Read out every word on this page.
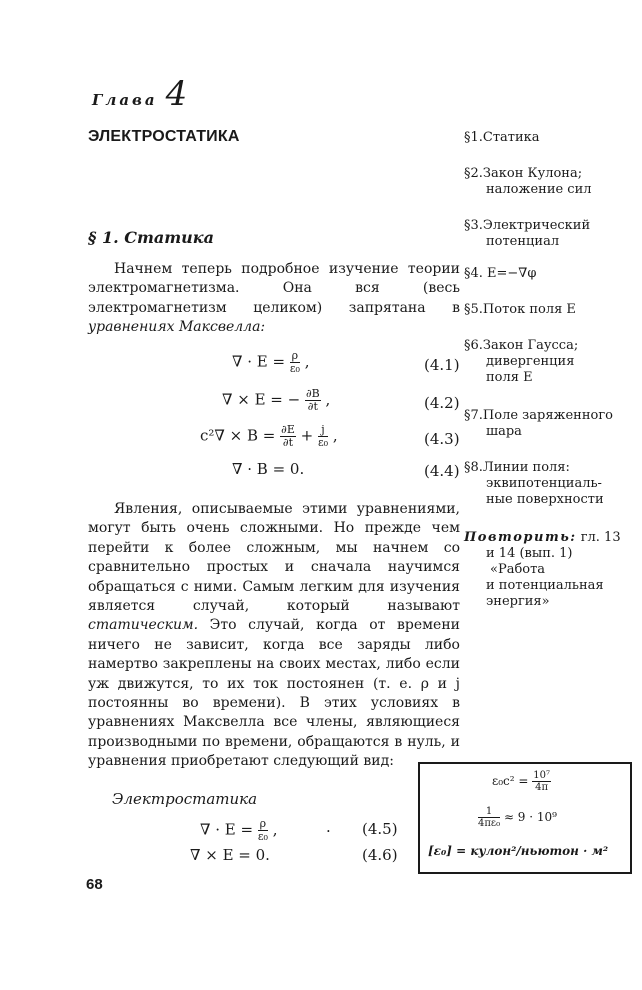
Глава 4
ЭЛЕКТРОСТАТИКА
§ 1. Статика
Начнем теперь подробное изучение теории электромагнетизма. Она вся (весь электромагнетизм целиком) запрятана в уравнениях Максвелла:
∇ · $E = \frac{\rho}{\text{ε₀}}$ ,	(4.1)
∇ × E = − $\frac{\partial B}{\partial t}$ ,	(4.2)
$c^2\nabla \times B = \frac{\partial E}{\partial t} + \frac{j}{\text{ε₀}}$ ,	(4.3)
∇ · B = 0.	(4.4)
Явления, описываемые этими уравнениями, могут быть очень сложными. Но прежде чем перейти к более сложным, мы начнем со сравнительно простых и сначала научимся обращаться с ними. Самым легким для изучения является случай, который называют статическим. Это случай, когда от времени ничего не зависит, когда все заряды либо намертво закреплены на своих местах, либо если уж движутся, то их ток постоянен (т. е. ρ и j постоянны во времени). В этих условиях в уравнениях Максвелла все члены, являющиеся производными по времени, обращаются в нуль, и уравнения приобретают следующий вид:
Электростатика
∇ · $E = \frac{\rho}{\text{ε₀}}$ ,	· (4.5)
∇ × E = 0.	(4.6)
68
§1.Статика
§2.Закон Кулона;
наложение сил
§3.Электрический
потенциал
§4. E=−∇φ
§5.Поток поля E
§6.Закон Гаусса;
дивергенция
поля E
§7.Поле заряженного
шара
§8.Линии поля:
эквипотенциаль-
ные поверхности
Повторить: гл. 13
и 14 (вып. 1)
«Работа
и потенциальная
энергия»
$\varepsilon_0c^2 = \frac{\text{10⁷}}{4\pi}$
$\frac{1}{\text{4πε₀}} \approx 9 \cdot 10^9$
[ε₀] = кулон²/ньютон · м²
